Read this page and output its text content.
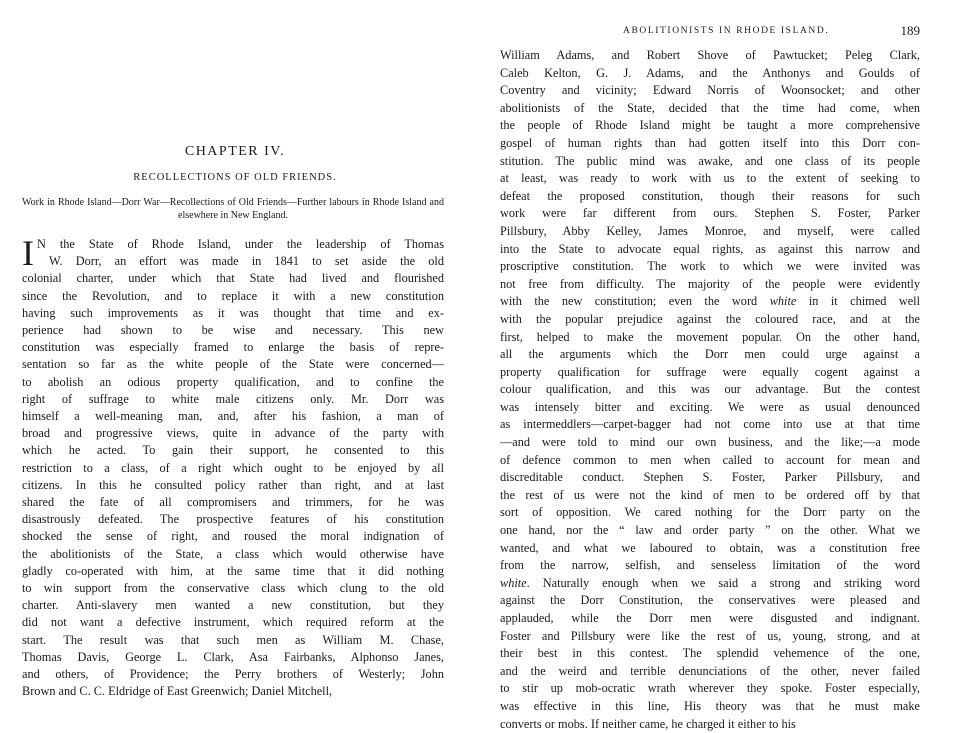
CHAPTER IV.
RECOLLECTIONS OF OLD FRIENDS.
Work in Rhode Island—Dorr War—Recollections of Old Friends—Further labours in Rhode Island and elsewhere in New England.
I N the State of Rhode Island, under the leadership of Thomas
W. Dorr, an effort was made in 1841 to set aside the old
colonial charter, under which that State had lived and flourished
since the Revolution, and to replace it with a new constitution
having such improvements as it was thought that time and ex-
perience had shown to be wise and necessary. This new
constitution was especially framed to enlarge the basis of repre-
sentation so far as the white people of the State were concerned—
to abolish an odious property qualification, and to confine the
right of suffrage to white male citizens only. Mr. Dorr was
himself a well-meaning man, and, after his fashion, a man of
broad and progressive views, quite in advance of the party with
which he acted. To gain their support, he consented to this
restriction to a class, of a right which ought to be enjoyed by all
citizens. In this he consulted policy rather than right, and at last
shared the fate of all compromisers and trimmers, for he was
disastrously defeated. The prospective features of his constitution
shocked the sense of right, and roused the moral indignation of
the abolitionists of the State, a class which would otherwise have
gladly co-operated with him, at the same time that it did nothing
to win support from the conservative class which clung to the old
charter. Anti-slavery men wanted a new constitution, but they
did not want a defective instrument, which required reform at the
start. The result was that such men as William M. Chase,
Thomas Davis, George L. Clark, Asa Fairbanks, Alphonso Janes,
and others, of Providence; the Perry brothers of Westerly; John
Brown and C. C. Eldridge of East Greenwich; Daniel Mitchell,
ABOLITIONISTS IN RHODE ISLAND.	189
William Adams, and Robert Shove of Pawtucket; Peleg Clark,
Caleb Kelton, G. J. Adams, and the Anthonys and Goulds of
Coventry and vicinity; Edward Norris of Woonsocket; and other
abolitionists of the State, decided that the time had come, when
the people of Rhode Island might be taught a more comprehensive
gospel of human rights than had gotten itself into this Dorr con-
stitution. The public mind was awake, and one class of its people
at least, was ready to work with us to the extent of seeking to
defeat the proposed constitution, though their reasons for such
work were far different from ours. Stephen S. Foster, Parker
Pillsbury, Abby Kelley, James Monroe, and myself, were called
into the State to advocate equal rights, as against this narrow and
proscriptive constitution. The work to which we were invited was
not free from difficulty. The majority of the people were evidently
with the new constitution; even the word white in it chimed well
with the popular prejudice against the coloured race, and at the
first, helped to make the movement popular. On the other hand,
all the arguments which the Dorr men could urge against a
property qualification for suffrage were equally cogent against a
colour qualification, and this was our advantage. But the contest
was intensely bitter and exciting. We were as usual denounced
as intermeddlers—carpet-bagger had not come into use at that time
—and were told to mind our own business, and the like;—a mode
of defence common to men when called to account for mean and
discreditable conduct. Stephen S. Foster, Parker Pillsbury, and
the rest of us were not the kind of men to be ordered off by that
sort of opposition. We cared nothing for the Dorr party on the
one hand, nor the “ law and order party ” on the other. What we
wanted, and what we laboured to obtain, was a constitution free
from the narrow, selfish, and senseless limitation of the word
white. Naturally enough when we said a strong and striking word
against the Dorr Constitution, the conservatives were pleased and
applauded, while the Dorr men were disgusted and indignant.
Foster and Pillsbury were like the rest of us, young, strong, and at
their best in this contest. The splendid vehemence of the one,
and the weird and terrible denunciations of the other, never failed
to stir up mob-ocratic wrath wherever they spoke. Foster especially,
was effective in this line, His theory was that he must make
converts or mobs. If neither came, he charged it either to his
